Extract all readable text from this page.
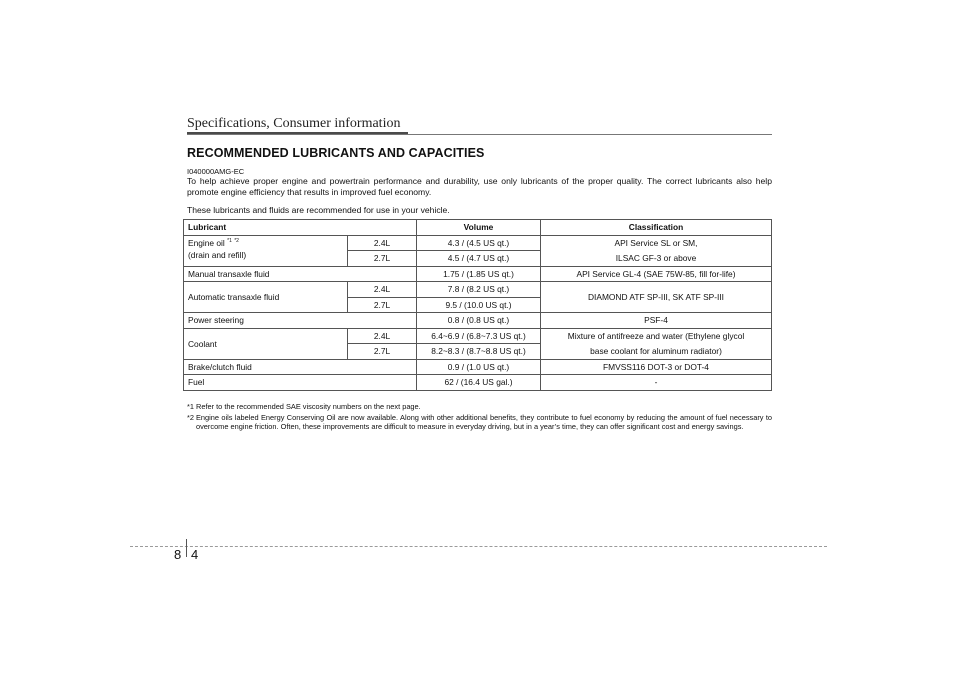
Specifications, Consumer information
RECOMMENDED LUBRICANTS AND CAPACITIES
I040000AMG-EC

To help achieve proper engine and powertrain performance and durability, use only lubricants of the proper quality. The correct lubricants also help promote engine efficiency that results in improved fuel economy.

These lubricants and fluids are recommended for use in your vehicle.

Lubricant		Volume	Classification
Engine oil $^{*1}$ $^{*2}$
(drain and refill)	2.4L	4.3 / (4.5 US qt.)	API Service SL or SM,
	2.7L	4.5 / (4.7 US qt.)	ILSAC GF-3 or above
Manual transaxle fluid		1.75 / (1.85 US qt.)	API Service GL-4 (SAE 75W-85, fill for-life)
Automatic transaxle fluid	2.4L	7.8 / (8.2 US qt.)	DIAMOND ATF SP-III, SK ATF SP-III
	2.7L	9.5 / (10.0 US qt.)	
Power steering		0.8 / (0.8 US qt.)	PSF-4
Coolant	2.4L	6.4~6.9 / (6.8~7.3 US qt.)	Mixture of antifreeze and water (Ethylene glycol
	2.7L	8.2~8.3 / (8.7~8.8 US qt.)	base coolant for aluminum radiator)
Brake/clutch fluid		0.9 / (1.0 US qt.)	FMVSS116 DOT-3 or DOT-4
Fuel		62 / (16.4 US gal.)	-

*1 Refer to the recommended SAE viscosity numbers on the next page.

*2 Engine oils labeled Energy Conserving Oil are now available. Along with other additional benefits, they contribute to fuel economy by reducing the amount of fuel necessary to overcome engine friction. Often, these improvements are difficult to measure in everyday driving, but in a year’s time, they can offer significant cost and energy savings.

8 4
